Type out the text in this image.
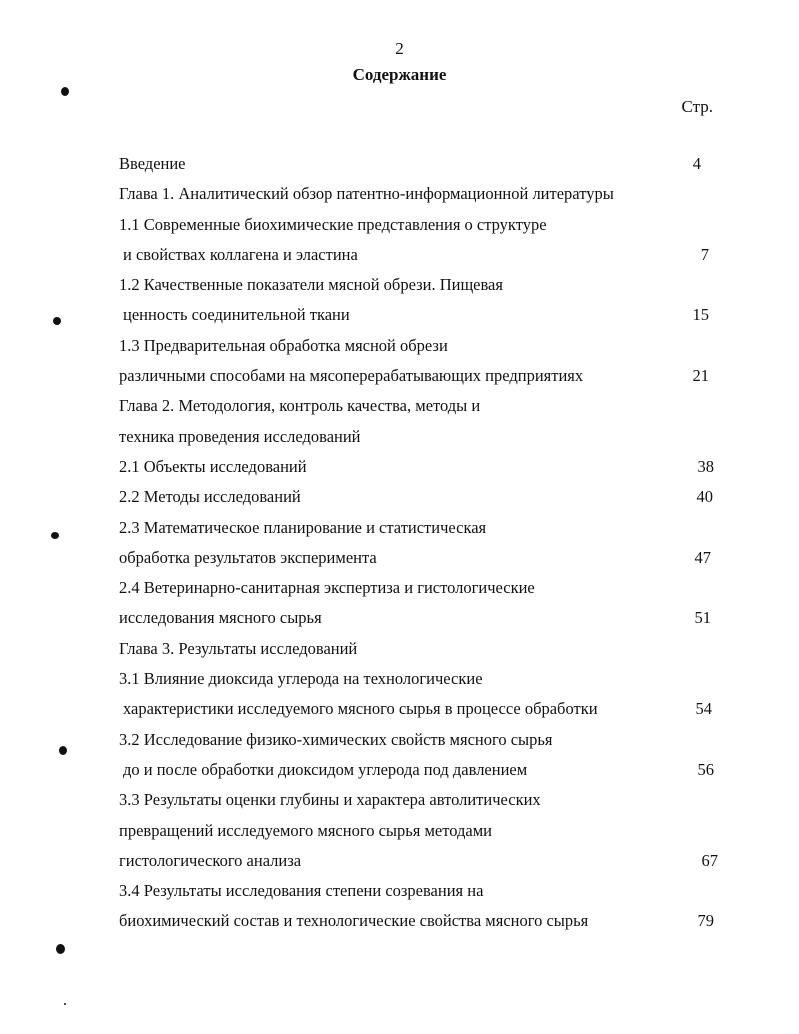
2
Содержание
Стр.
Введение	4
Глава 1. Аналитический обзор патентно-информационной литературы
1.1 Современные биохимические представления о структуре
и свойствах коллагена и эластина	7
1.2 Качественные показатели мясной обрези. Пищевая
ценность соединительной ткани	15
1.3 Предварительная обработка мясной обрези
различными способами на мясоперерабатывающих предприятиях	21
Глава 2. Методология, контроль качества, методы и
техника проведения исследований
2.1 Объекты исследований	38
2.2 Методы исследований	40
2.3 Математическое планирование и статистическая
обработка результатов эксперимента	47
2.4 Ветеринарно-санитарная экспертиза и гистологические
исследования мясного сырья	51
Глава 3. Результаты исследований
3.1 Влияние диоксида углерода на технологические
характеристики исследуемого мясного сырья в процессе обработки	54
3.2 Исследование физико-химических свойств мясного сырья
до и после обработки диоксидом углерода под давлением	56
3.3 Результаты оценки глубины и характера автолитических
превращений исследуемого мясного сырья методами
гистологического анализа	67
3.4 Результаты исследования степени созревания на
биохимический состав и технологические свойства мясного сырья	79
